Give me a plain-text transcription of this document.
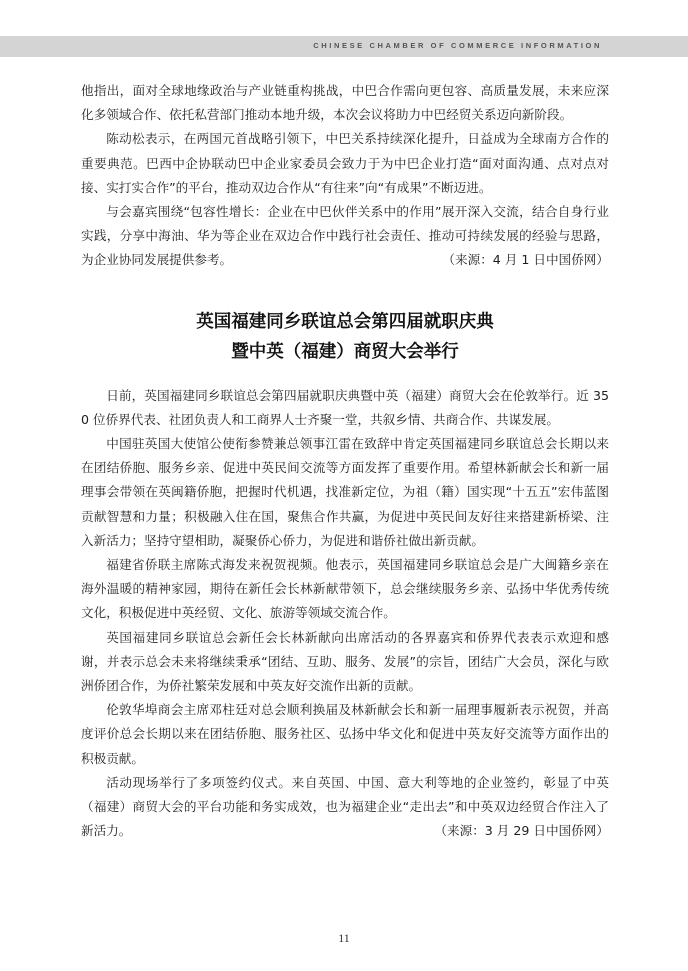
CHINESE CHAMBER OF COMMERCE INFORMATION

他指出，面对全球地缘政治与产业链重构挑战，中巴合作需向更包容、高质量发展，未来应深化多领域合作、依托私营部门推动本地升级，本次会议将助力中巴经贸关系迈向新阶段。

陈动松表示，在两国元首战略引领下，中巴关系持续深化提升，日益成为全球南方合作的重要典范。巴西中企协联动巴中企业家委员会致力于为中巴企业打造“面对面沟通、点对点对接、实打实合作”的平台，推动双边合作从“有往来”向“有成果”不断迈进。

与会嘉宾围绕“包容性增长：企业在中巴伙伴关系中的作用”展开深入交流，结合自身行业实践，分享中海油、华为等企业在双边合作中践行社会责任、推动可持续发展的经验与思路，为企业协同发展提供参考。	（来源：4 月 1 日中国侨网）

英国福建同乡联谊总会第四届就职庆典
暨中英（福建）商贸大会举行

日前，英国福建同乡联谊总会第四届就职庆典暨中英（福建）商贸大会在伦敦举行。近 350 位侨界代表、社团负责人和工商界人士齐聚一堂，共叙乡情、共商合作、共谋发展。

中国驻英国大使馆公使衔参赞兼总领事江雷在致辞中肯定英国福建同乡联谊总会长期以来在团结侨胞、服务乡亲、促进中英民间交流等方面发挥了重要作用。希望林新献会长和新一届理事会带领在英闽籍侨胞，把握时代机遇，找准新定位，为祖（籍）国实现“十五五”宏伟蓝图贡献智慧和力量；积极融入住在国，聚焦合作共赢，为促进中英民间友好往来搭建新桥梁、注入新活力；坚持守望相助，凝聚侨心侨力，为促进和谐侨社做出新贡献。

福建省侨联主席陈式海发来祝贺视频。他表示，英国福建同乡联谊总会是广大闽籍乡亲在海外温暖的精神家园，期待在新任会长林新献带领下，总会继续服务乡亲、弘扬中华优秀传统文化，积极促进中英经贸、文化、旅游等领域交流合作。

英国福建同乡联谊总会新任会长林新献向出席活动的各界嘉宾和侨界代表表示欢迎和感谢，并表示总会未来将继续秉承“团结、互助、服务、发展”的宗旨，团结广大会员，深化与欧洲侨团合作，为侨社繁荣发展和中英友好交流作出新的贡献。

伦敦华埠商会主席邓柱廷对总会顺利换届及林新献会长和新一届理事履新表示祝贺，并高度评价总会长期以来在团结侨胞、服务社区、弘扬中华文化和促进中英友好交流等方面作出的积极贡献。

活动现场举行了多项签约仪式。来自英国、中国、意大利等地的企业签约，彰显了中英（福建）商贸大会的平台功能和务实成效，也为福建企业“走出去”和中英双边经贸合作注入了新活力。	（来源：3 月 29 日中国侨网）

11
